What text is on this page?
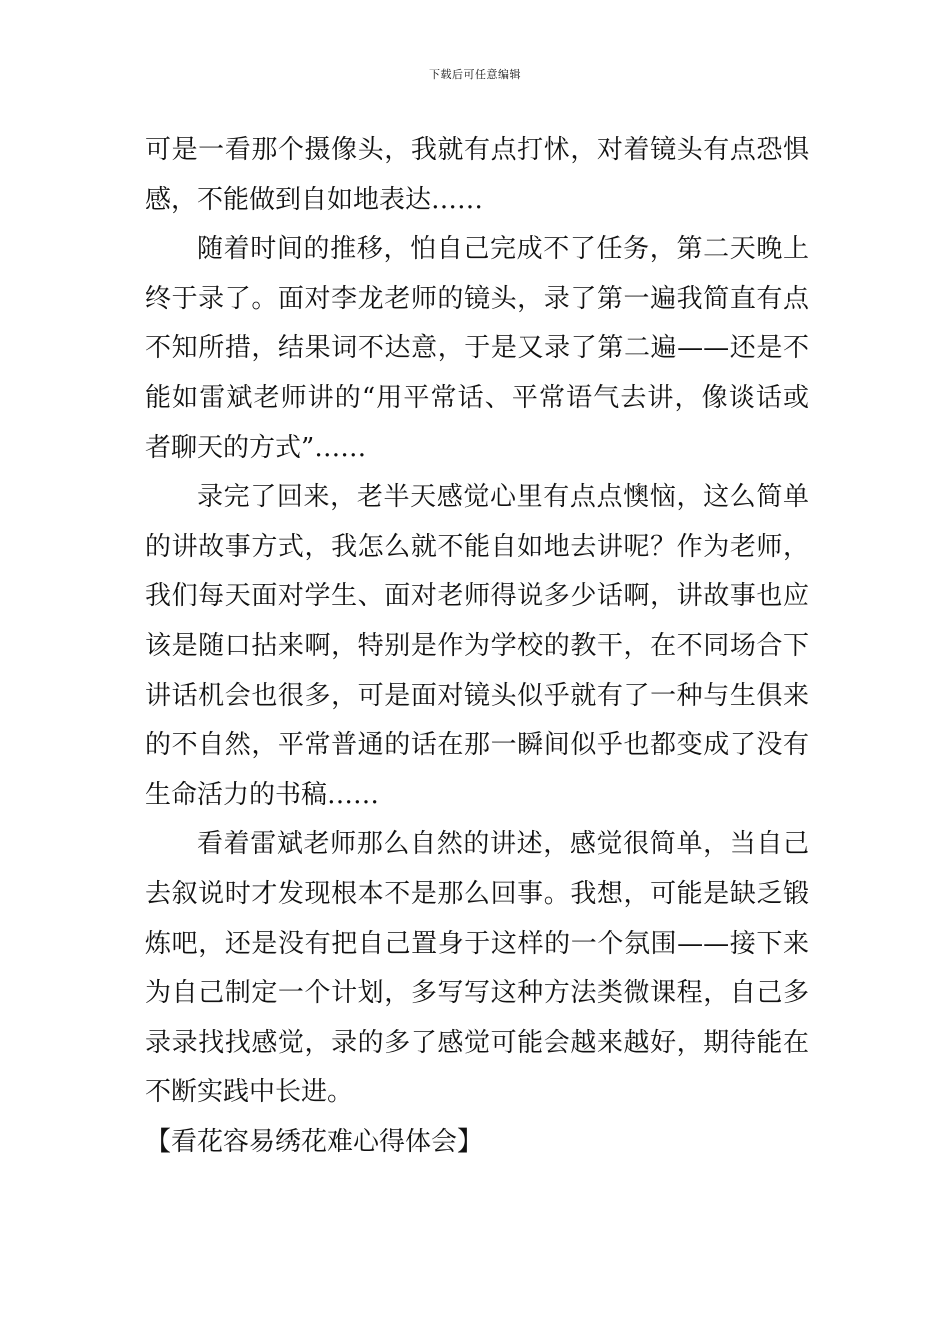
下载后可任意编辑
可是一看那个摄像头，我就有点打怵，对着镜头有点恐惧
感，不能做到自如地表达……
随着时间的推移，怕自己完成不了任务，第二天晚上
终于录了。面对李龙老师的镜头，录了第一遍我简直有点
不知所措，结果词不达意，于是又录了第二遍——还是不
能如雷斌老师讲的“用平常话、平常语气去讲，像谈话或
者聊天的方式”……
录完了回来，老半天感觉心里有点点懊恼，这么简单
的讲故事方式，我怎么就不能自如地去讲呢？作为老师，
我们每天面对学生、面对老师得说多少话啊，讲故事也应
该是随口拈来啊，特别是作为学校的教干，在不同场合下
讲话机会也很多，可是面对镜头似乎就有了一种与生俱来
的不自然，平常普通的话在那一瞬间似乎也都变成了没有
生命活力的书稿……
看着雷斌老师那么自然的讲述，感觉很简单，当自己
去叙说时才发现根本不是那么回事。我想，可能是缺乏锻
炼吧，还是没有把自己置身于这样的一个氛围——接下来
为自己制定一个计划，多写写这种方法类微课程，自己多
录录找找感觉，录的多了感觉可能会越来越好，期待能在
不断实践中长进。
【看花容易绣花难心得体会】
